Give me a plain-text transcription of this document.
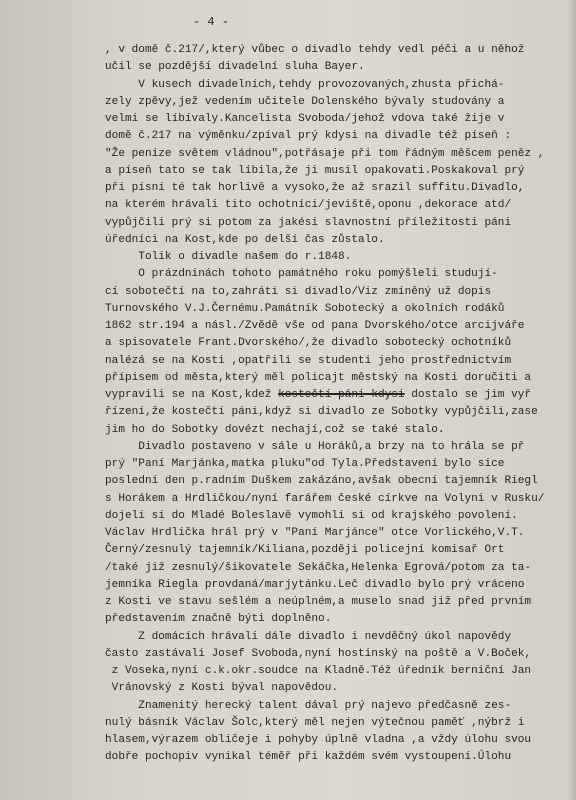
- 4 -
, v domě č.217/,který vůbec o divadlo tehdy vedl péči a u něhož
učil se pozdější divadelní sluha Bayer.
V kusech divadelních,tehdy provozovaných,zhusta přichá-
zely zpěvy,jež vedením učitele Dolenského bývaly studovány a
velmi se líbívaly.Kancelista Svoboda/jehož vdova také žije v
domě č.217 na výměnku/zpíval prý kdysi na divadle též píseň :
"Že peníze světem vládnou",potřásaje při tom řádným měšcem peněz ,
a píseň tato se tak líbila,že ji musil opakovati.Poskakoval prý
při písni té tak horlivě a vysoko,že až srazil suffitu.Divadlo,
na kterém hrávali tito ochotníci/jeviště,oponu ,dekorace atd/
vypůjčili prý si potom za jakési slavnostní příležitosti páni
úředníci na Kost,kde po delší čas zůstalo.
Tolik o divadle našem do r.1848.
O prázdninách tohoto památného roku pomýšleli studují-
cí sobotečtí na to,zahráti si divadlo/Viz zmíněný už dopis
Turnovského V.J.Černému.Památník Sobotecký a okolních rodáků
1862 str.194 a násl./Zvědě vše od pana Dvorského/otce arcijváře
a spisovatele Frant.Dvorského/,že divadlo sobotecký ochotníků
nalézá se na Kosti ,opatřili se studenti jeho prostřednictvím
přípisem od města,který měl policajt městský na Kosti doručiti a
vypravili se na Kost,kdež kostečtí páni kdysi dostalo se jim vyř
řízení,že kostečtí páni,když si divadlo ze Sobotky vypůjčili,zase
jim ho do Sobotky dovézt nechají,což se také stalo.
Divadlo postaveno v sále u Horáků,a brzy na to hrála se př
prý "Paní Marjánka,matka pluku"od Tyla.Představení bylo sice
poslední den p.radním Duškem zakázáno,avšak obecní tajemník Riegl
s Horákem a Hrdličkou/nyní farářem české církve na Volyni v Rusku/
dojeli si do Mladé Boleslavě vymohli si od krajského povolení.
Václav Hrdlička hrál prý v "Paní Marjánce" otce Vorlického,V.T.
Černý/zesnulý tajemník/Kiliana,později policejní komisař Ort
/také již zesnulý/šikovatele Sekáčka,Helenka Egrová/potom za ta-
jemníka Riegla provdaná/marjytánku.Leč divadlo bylo prý vráceno
z Kosti ve stavu sešlém a neúplném,a muselo snad již před prvním
představením značně býti doplněno.
Z domácích hrávali dále divadlo i nevděčný úkol napovědy
často zastávali Josef Svoboda,nyní hostinský na poště a V.Boček,
z Voseka,nyní c.k.okr.soudce na Kladně.Též úředník berniční Jan
Vránovský z Kosti býval napovědou.
Znamenitý herecký talent dával prý najevo předčasně zes-
nulý básník Václav Šolc,který měl nejen výtečnou paměť ,nýbrž i
hlasem,výrazem obličeje i pohyby úplně vladna ,a vždy úlohu svou
dobře pochopiv vynikal téměř při každém svém vystoupení.Úlohu
